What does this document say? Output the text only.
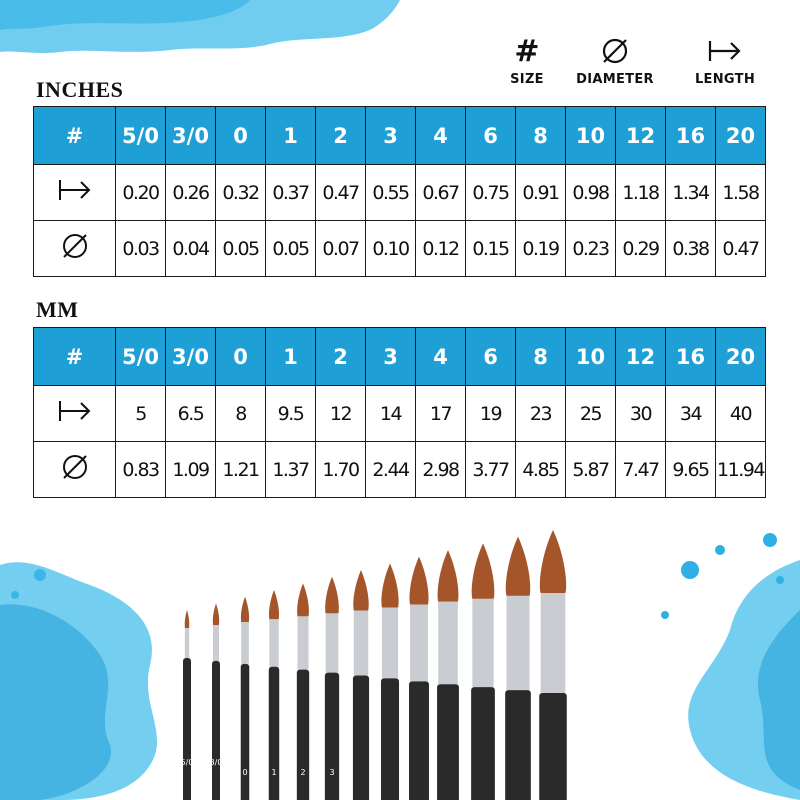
#
SIZE	DIAMETER	LENGTH
INCHES
#	5/0	3/0	0	1	2	3	4	6	8	10	12	16	20
	0.20	0.26	0.32	0.37	0.47	0.55	0.67	0.75	0.91	0.98	1.18	1.34	1.58
	0.03	0.04	0.05	0.05	0.07	0.10	0.12	0.15	0.19	0.23	0.29	0.38	0.47
MM
#	5/0	3/0	0	1	2	3	4	6	8	10	12	16	20
	5	6.5	8	9.5	12	14	17	19	23	25	30	34	40
	0.83	1.09	1.21	1.37	1.70	2.44	2.98	3.77	4.85	5.87	7.47	9.65	11.94
5/0 3/0
0	1	2	3
